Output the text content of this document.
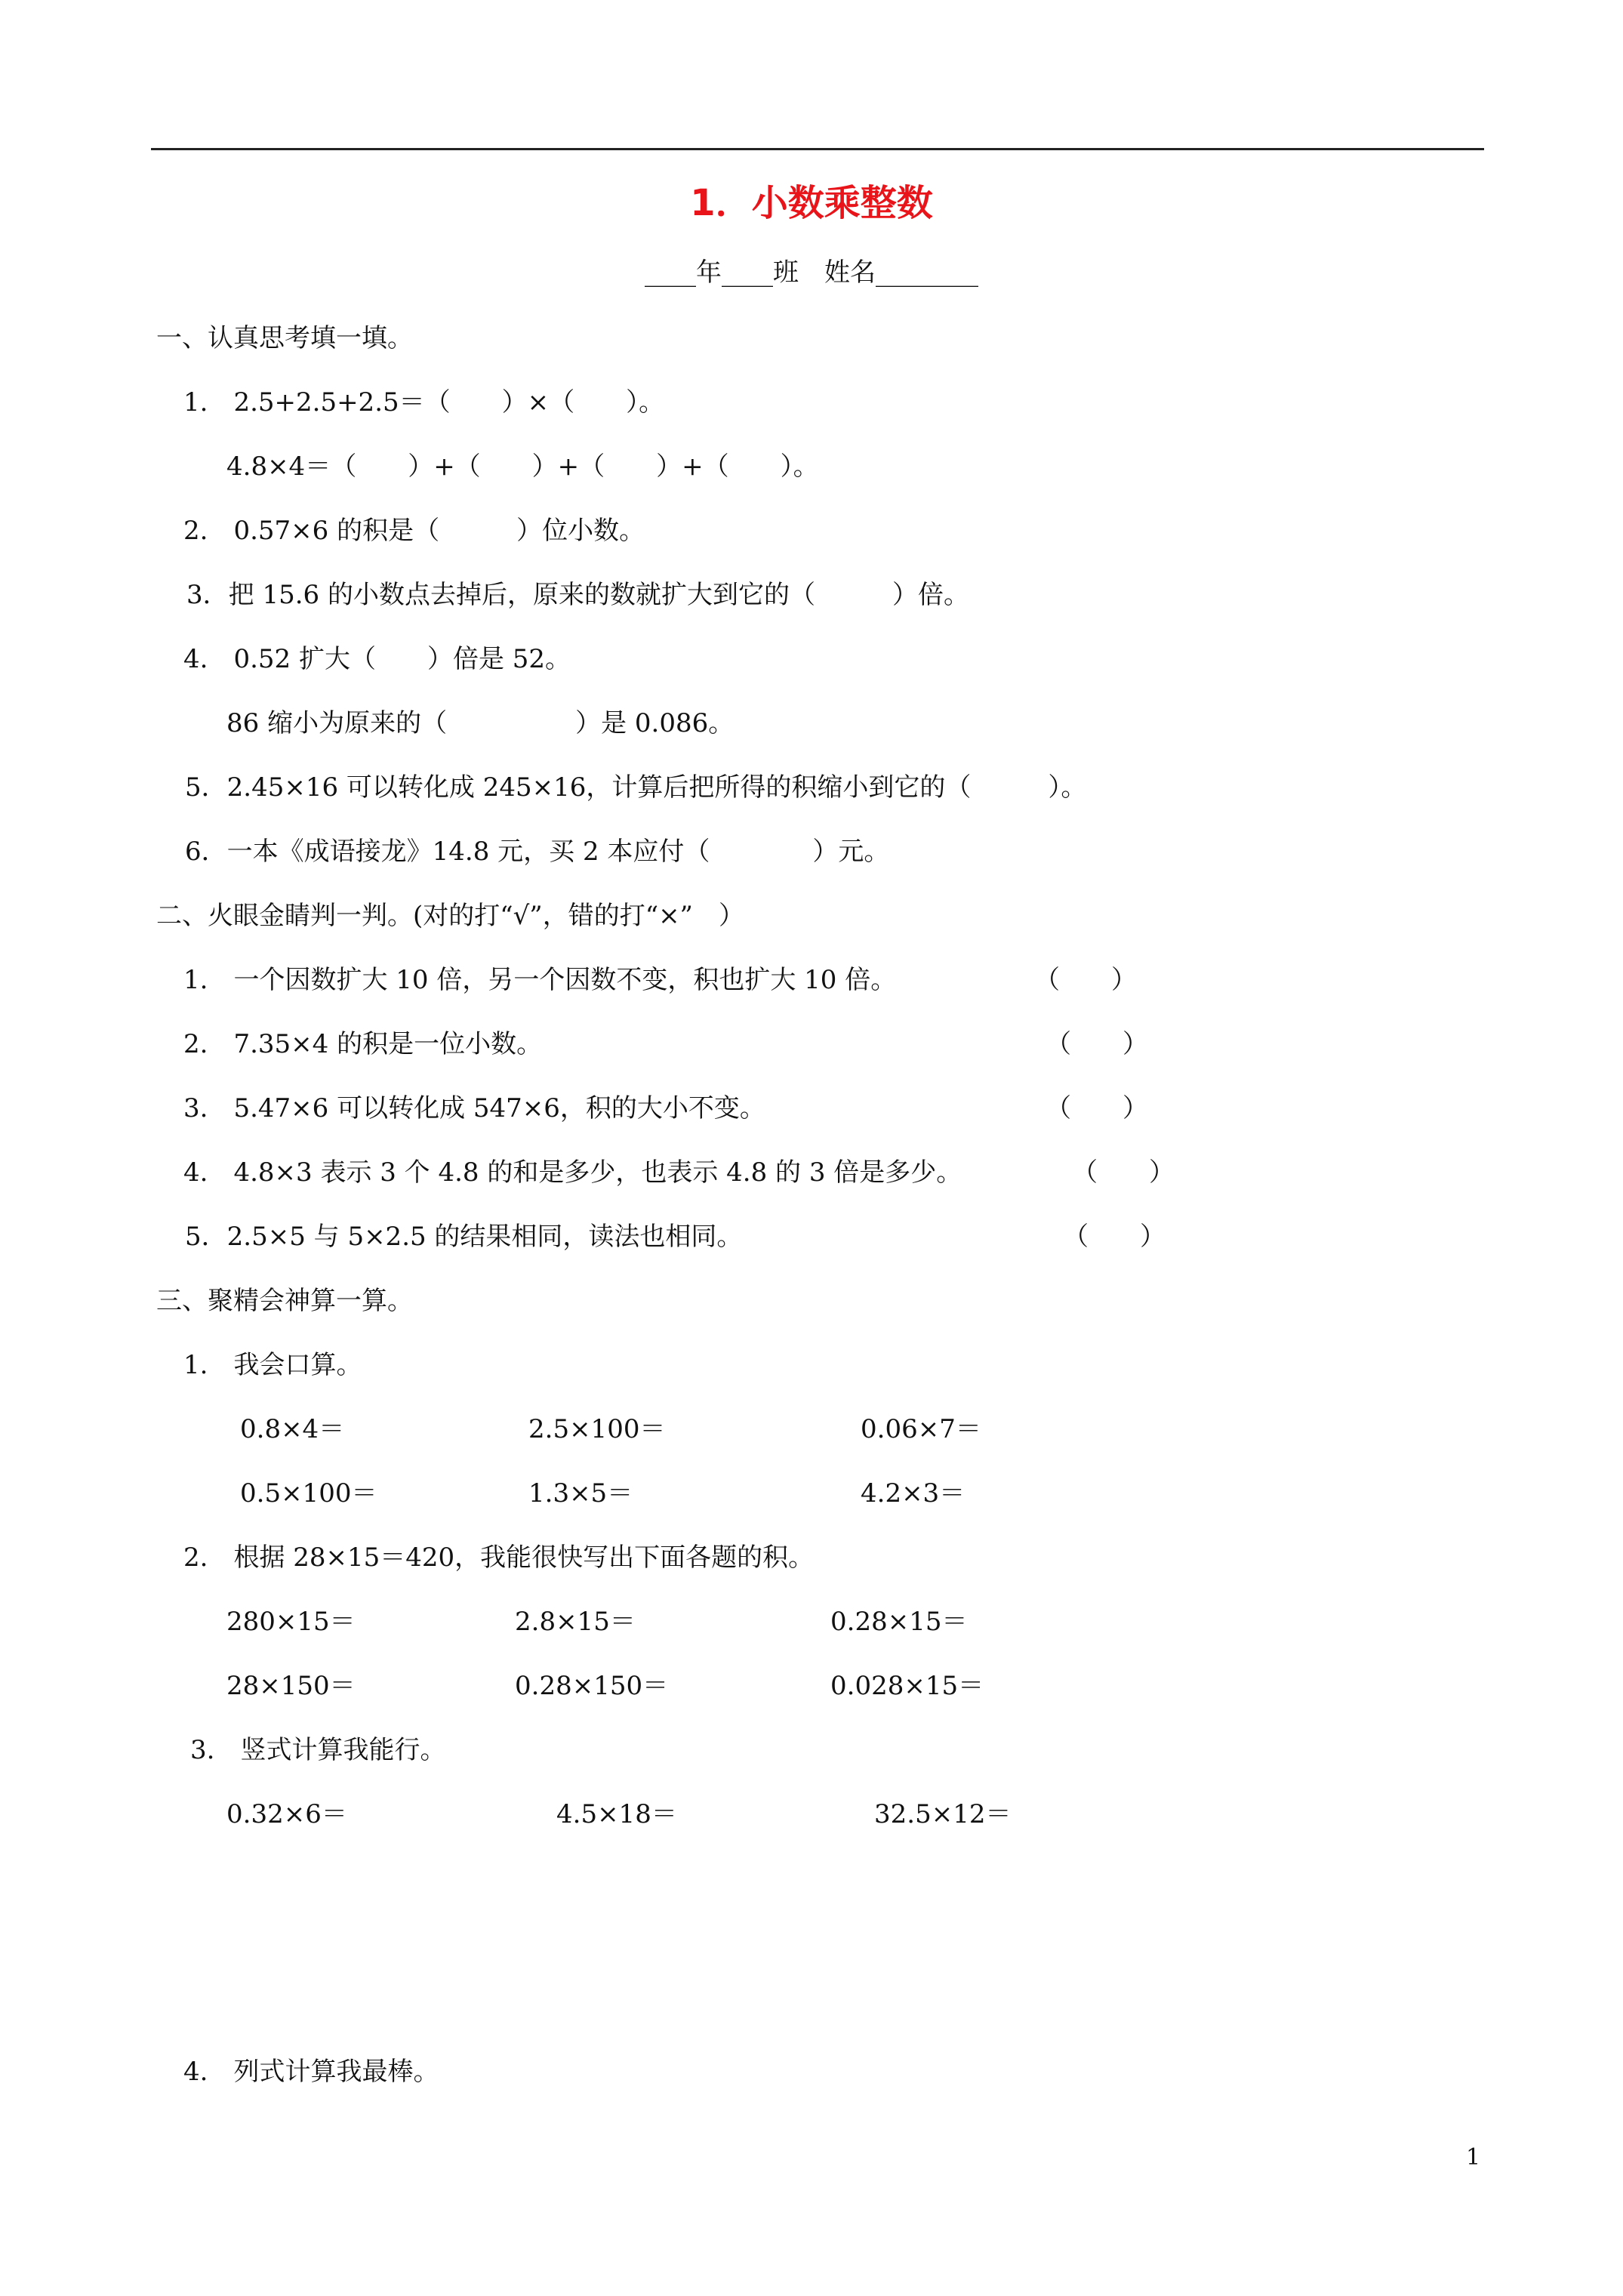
1．小数乘整数
____年____班　姓名________
一、认真思考填一填。
1.　2.5+2.5+2.5＝（　　）×（　　）。
4.8×4＝（　　）+（　　）+（　　）+（　　）。
2.　0.57×6 的积是（　　　）位小数。
3．把 15.6 的小数点去掉后，原来的数就扩大到它的（　　　）倍。
4.　0.52 扩大（　　）倍是 52。
86 缩小为原来的（　　　　　）是 0.086。
5．2.45×16 可以转化成 245×16，计算后把所得的积缩小到它的（　　　）。
6．一本《成语接龙》14.8 元，买 2 本应付（　　　　）元。
二、火眼金睛判一判。(对的打“√”，错的打“×”　）
1.　一个因数扩大 10 倍，另一个因数不变，积也扩大 10 倍。	（　　）
2.　7.35×4 的积是一位小数。	（　　）
3.　5.47×6 可以转化成 547×6，积的大小不变。	（　　）
4.　4.8×3 表示 3 个 4.8 的和是多少，也表示 4.8 的 3 倍是多少。	（　　）
5．2.5×5 与 5×2.5 的结果相同，读法也相同。	（　　）
三、聚精会神算一算。
1.　我会口算。
0.8×4＝	2.5×100＝	0.06×7＝
0.5×100＝	1.3×5＝	4.2×3＝
2.　根据 28×15＝420，我能很快写出下面各题的积。
280×15＝	2.8×15＝	0.28×15＝
28×150＝	0.28×150＝	0.028×15＝
3.　竖式计算我能行。
0.32×6＝	4.5×18＝	32.5×12＝
4.　列式计算我最棒。
1
